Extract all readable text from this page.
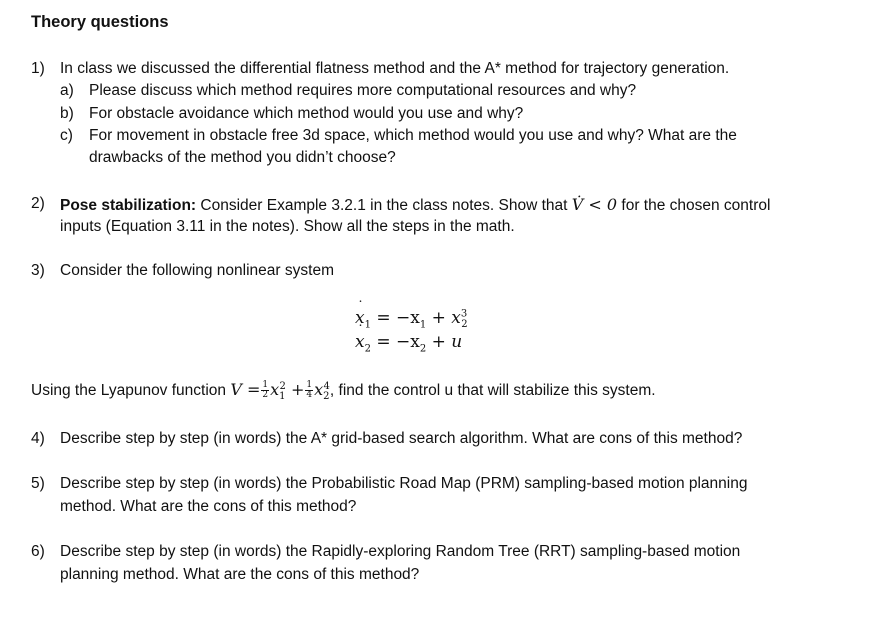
Theory questions
1) In class we discussed the differential flatness method and the A* method for trajectory generation.
a) Please discuss which method requires more computational resources and why?
b) For obstacle avoidance which method would you use and why?
c)	For movement in obstacle free 3d space, which method would you use and why? What are the
drawbacks of the method you didn’t choose?
2) Pose stabilization: Consider Example 3.2.1 in the class notes. Show that V̇ < 0 for the chosen control
inputs (Equation 3.11 in the notes). Show all the steps in the math.
3) Consider the following nonlinear system
x $˙_1 = -x_1 + x^3_2$
x $˙_2 = -x_2 + u$
Using the Lyapunov function $V = \frac{1}{2} x_1^2 + \frac{1}{4} x_2^4$, find the control u that will stabilize this system.
4) Describe step by step (in words) the A* grid-based search algorithm. What are cons of this method?
5) Describe step by step (in words) the Probabilistic Road Map (PRM) sampling-based motion planning
method. What are the cons of this method?
6) Describe step by step (in words) the Rapidly-exploring Random Tree (RRT) sampling-based motion
planning method. What are the cons of this method?
